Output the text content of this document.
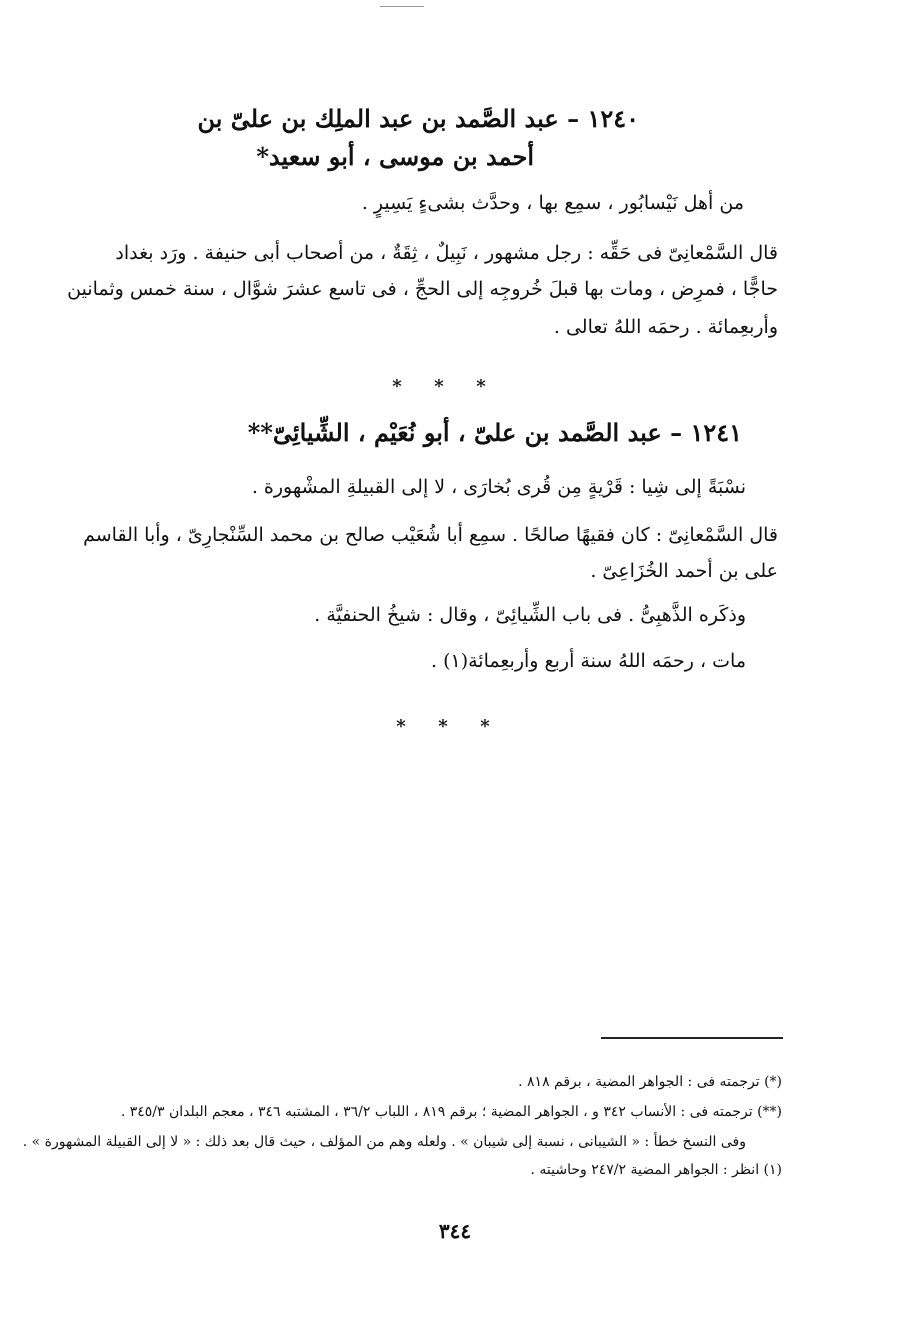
١٢٤٠ – عبد الصَّمد بن عبد الملِك بن علىّ بن
أحمد بن موسى ، أبو سعيد*
من أهل نَيْسابُور ، سمِع بها ، وحدَّث بشىءٍ يَسِيرٍ .
قال السَّمْعانِىّ فى حَقِّه : رجل مشهور ، نَبِيلٌ ، ثِقَةٌ ، من أصحاب أبى حنيفة . ورَد بغداد
حاجًّا ، فمرِض ، ومات بها قبلَ خُروجِه إلى الحجِّ ، فى تاسع عشرَ شوَّال ، سنة خمس وثمانين
وأربعِمائة . رحمَه اللهُ تعالى .
***
١٢٤١ – عبد الصَّمد بن علىّ ، أبو نُعَيْم ، الشِّيائِىّ**
نسْبَةً إلى شِيا : قَرْيةٍ مِن قُرى بُخارَى ، لا إلى القبيلةِ المشْهورة .
قال السَّمْعانِىّ : كان فقيهًا صالحًا . سمِع أبا شُعَيْب صالح بن محمد السِّنْجارِىّ ، وأبا القاسم
على بن أحمد الخُزَاعِىّ .
وذكَره الذَّهبِىُّ . فى باب الشِّيائِىّ ، وقال : شيخُ الحنفيَّة .
مات ، رحمَه اللهُ سنة أربع وأربعِمائة(١) .
***
(*) ترجمته فى : الجواهر المضية ، برقم ٨١٨ .
(**) ترجمته فى : الأنساب ٣٤٢ و ، الجواهر المضية ؛ برقم ٨١٩ ، اللباب ٣٦/٢ ، المشتبه ٣٤٦ ، معجم البلدان ٣٤٥/٣ .
وفى النسخ خطأ : « الشيبانى ، نسبة إلى شيبان » . ولعله وهم من المؤلف ، حيث قال بعد ذلك : « لا إلى القبيلة المشهورة » .
(١) انظر : الجواهر المضية ٢٤٧/٢ وحاشيته .
٣٤٤
